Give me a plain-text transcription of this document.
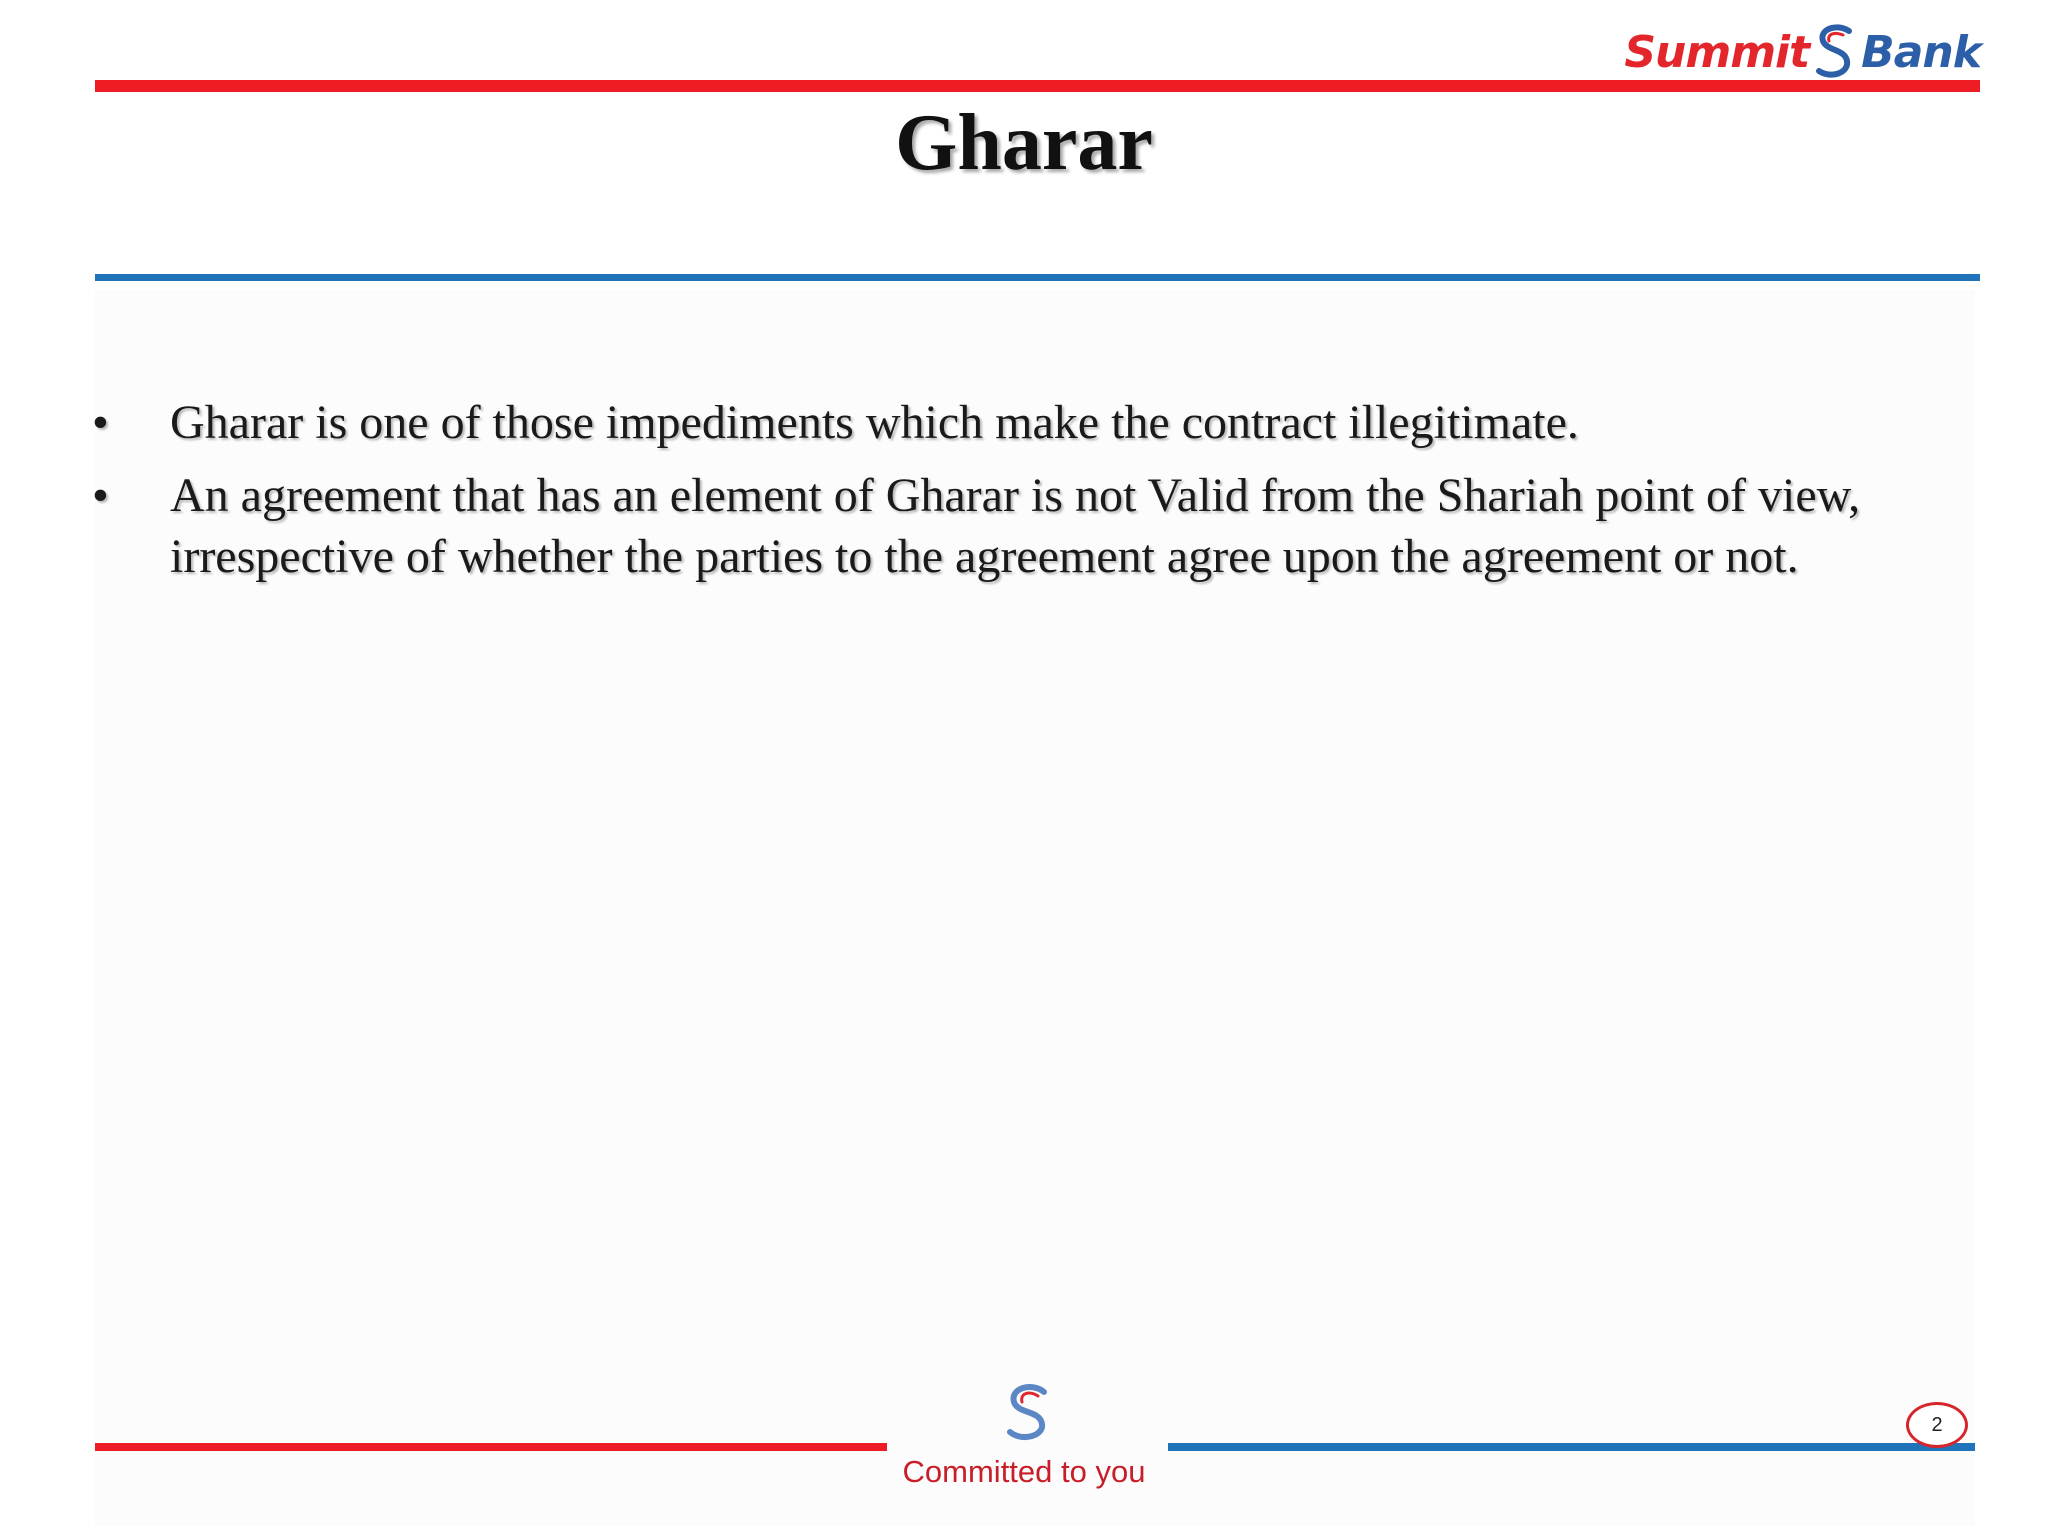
Summit Bank
Gharar
• Gharar is one of those impediments which make the contract illegitimate.
• An agreement that has an element of Gharar is not Valid from the Shariah point of view, irrespective of whether the parties to the agreement agree upon the agreement or not.
Committed to you
2
